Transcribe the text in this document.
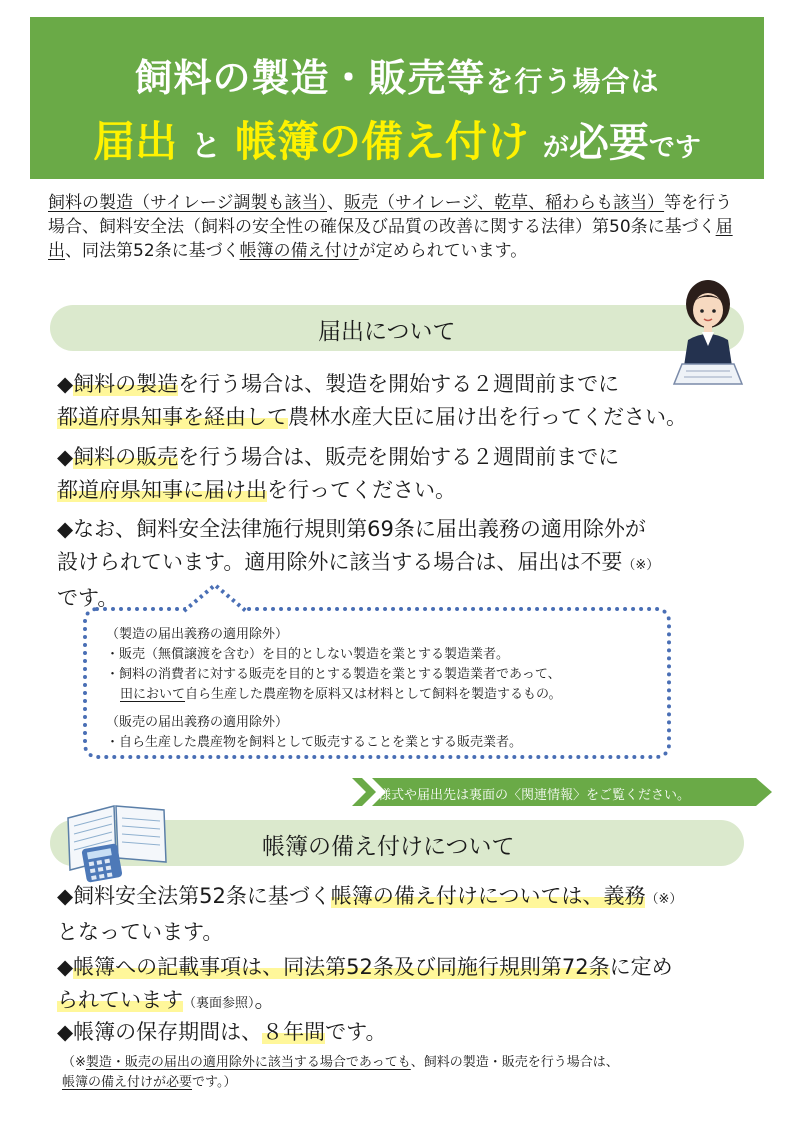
飼料の製造・販売等を行う場合は
届出 と 帳簿の備え付け が必要です
飼料の製造（サイレージ調製も該当）、販売（サイレージ、乾草、稲わらも該当）等を行う場合、飼料安全法（飼料の安全性の確保及び品質の改善に関する法律）第50条に基づく届出、同法第52条に基づく帳簿の備え付けが定められています。
届出について
◆飼料の製造を行う場合は、製造を開始する２週間前までに
都道府県知事を経由して農林水産大臣に届け出を行ってください。
◆飼料の販売を行う場合は、販売を開始する２週間前までに
都道府県知事に届け出を行ってください。
◆なお、飼料安全法律施行規則第69条に届出義務の適用除外が
設けられています。適用除外に該当する場合は、届出は不要（※）
です。
（製造の届出義務の適用除外）
・販売（無償譲渡を含む）を目的としない製造を業とする製造業者。
・飼料の消費者に対する販売を目的とする製造を業とする製造業者であって、
田において自ら生産した農産物を原料又は材料として飼料を製造するもの。
（販売の届出義務の適用除外）
・自ら生産した農産物を飼料として販売することを業とする販売業者。
様式や届出先は裏面の〈関連情報〉をご覧ください。
帳簿の備え付けについて
◆飼料安全法第52条に基づく帳簿の備え付けについては、義務（※）
となっています。
◆帳簿への記載事項は、同法第52条及び同施行規則第72条に定め
られています（裏面参照）。
◆帳簿の保存期間は、８年間です。
（※製造・販売の届出の適用除外に該当する場合であっても、飼料の製造・販売を行う場合は、
帳簿の備え付けが必要です。）
